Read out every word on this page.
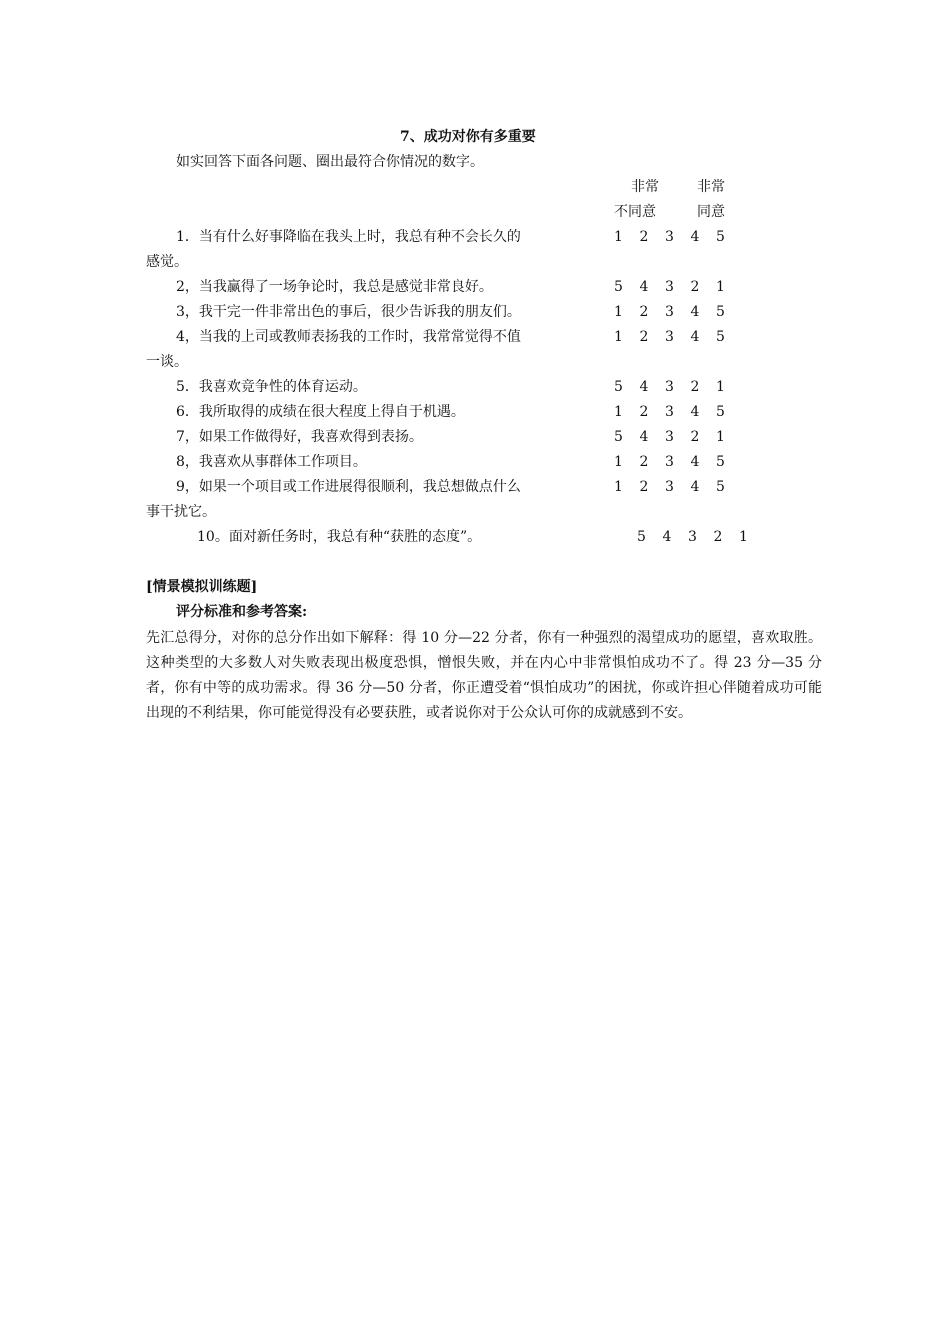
7、成功对你有多重要
如实回答下面各问题、圈出最符合你情况的数字。
非常	非常
不同意	同意
1．当有什么好事降临在我头上时，我总有种不会长久的	1 2 3 4 5
感觉。
2，当我赢得了一场争论时，我总是感觉非常良好。	5 4 3 2 1
3，我干完一件非常出色的事后，很少告诉我的朋友们。	1 2 3 4 5
4，当我的上司或教师表扬我的工作时，我常常觉得不值	1 2 3 4 5
一谈。
5．我喜欢竞争性的体育运动。	5 4 3 2 1
6．我所取得的成绩在很大程度上得自于机遇。	1 2 3 4 5
7，如果工作做得好，我喜欢得到表扬。	5 4 3 2 1
8，我喜欢从事群体工作项目。	1 2 3 4 5
9，如果一个项目或工作进展得很顺利，我总想做点什么	1 2 3 4 5
事干扰它。
10。面对新任务时，我总有种“获胜的态度”。	5 4 3 2 1
[情景模拟训练题]
评分标准和参考答案:
先汇总得分，对你的总分作出如下解释：得 10 分—22 分者，你有一种强烈的渴望成功的愿望，喜欢取胜。这种类型的大多数人对失败表现出极度恐惧，憎恨失败，并在内心中非常惧怕成功不了。得 23 分—35 分者，你有中等的成功需求。得 36 分—50 分者，你正遭受着“惧怕成功”的困扰，你或许担心伴随着成功可能出现的不利结果，你可能觉得没有必要获胜，或者说你对于公众认可你的成就感到不安。
